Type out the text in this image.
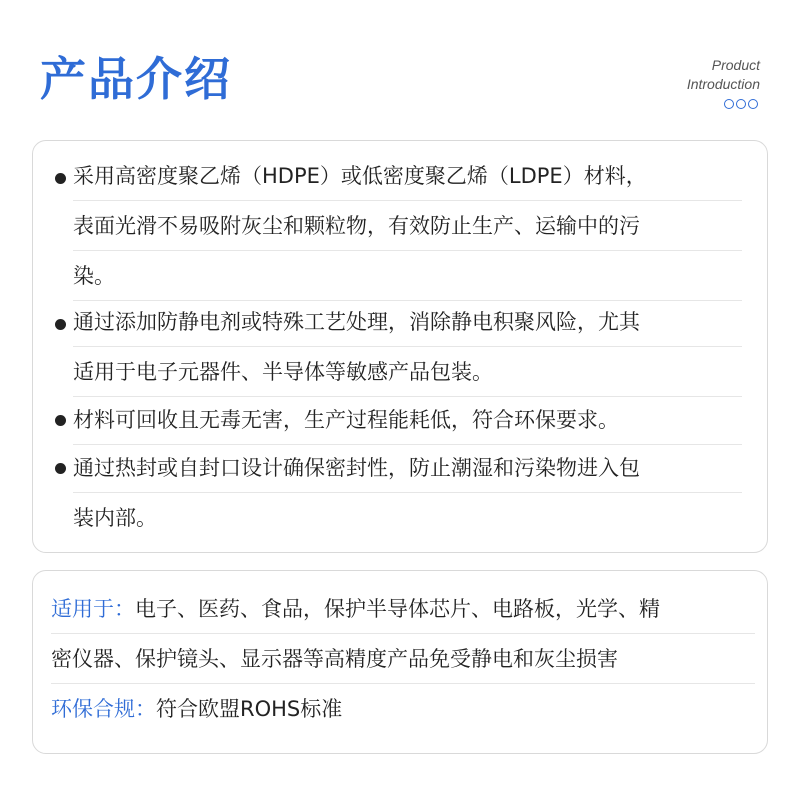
产品介绍	Product
Introduction
采用高密度聚乙烯（HDPE）或低密度聚乙烯（LDPE）材料，
表面光滑不易吸附灰尘和颗粒物，有效防止生产、运输中的污
染。
通过添加防静电剂或特殊工艺处理，消除静电积聚风险，尤其
适用于电子元器件、半导体等敏感产品包装。
材料可回收且无毒无害，生产过程能耗低，符合环保要求。
通过热封或自封口设计确保密封性，防止潮湿和污染物进入包
装内部。
适用于：电子、医药、食品，保护半导体芯片、电路板，光学、精
密仪器、保护镜头、显示器等高精度产品免受静电和灰尘损害
环保合规：符合欧盟ROHS标准
